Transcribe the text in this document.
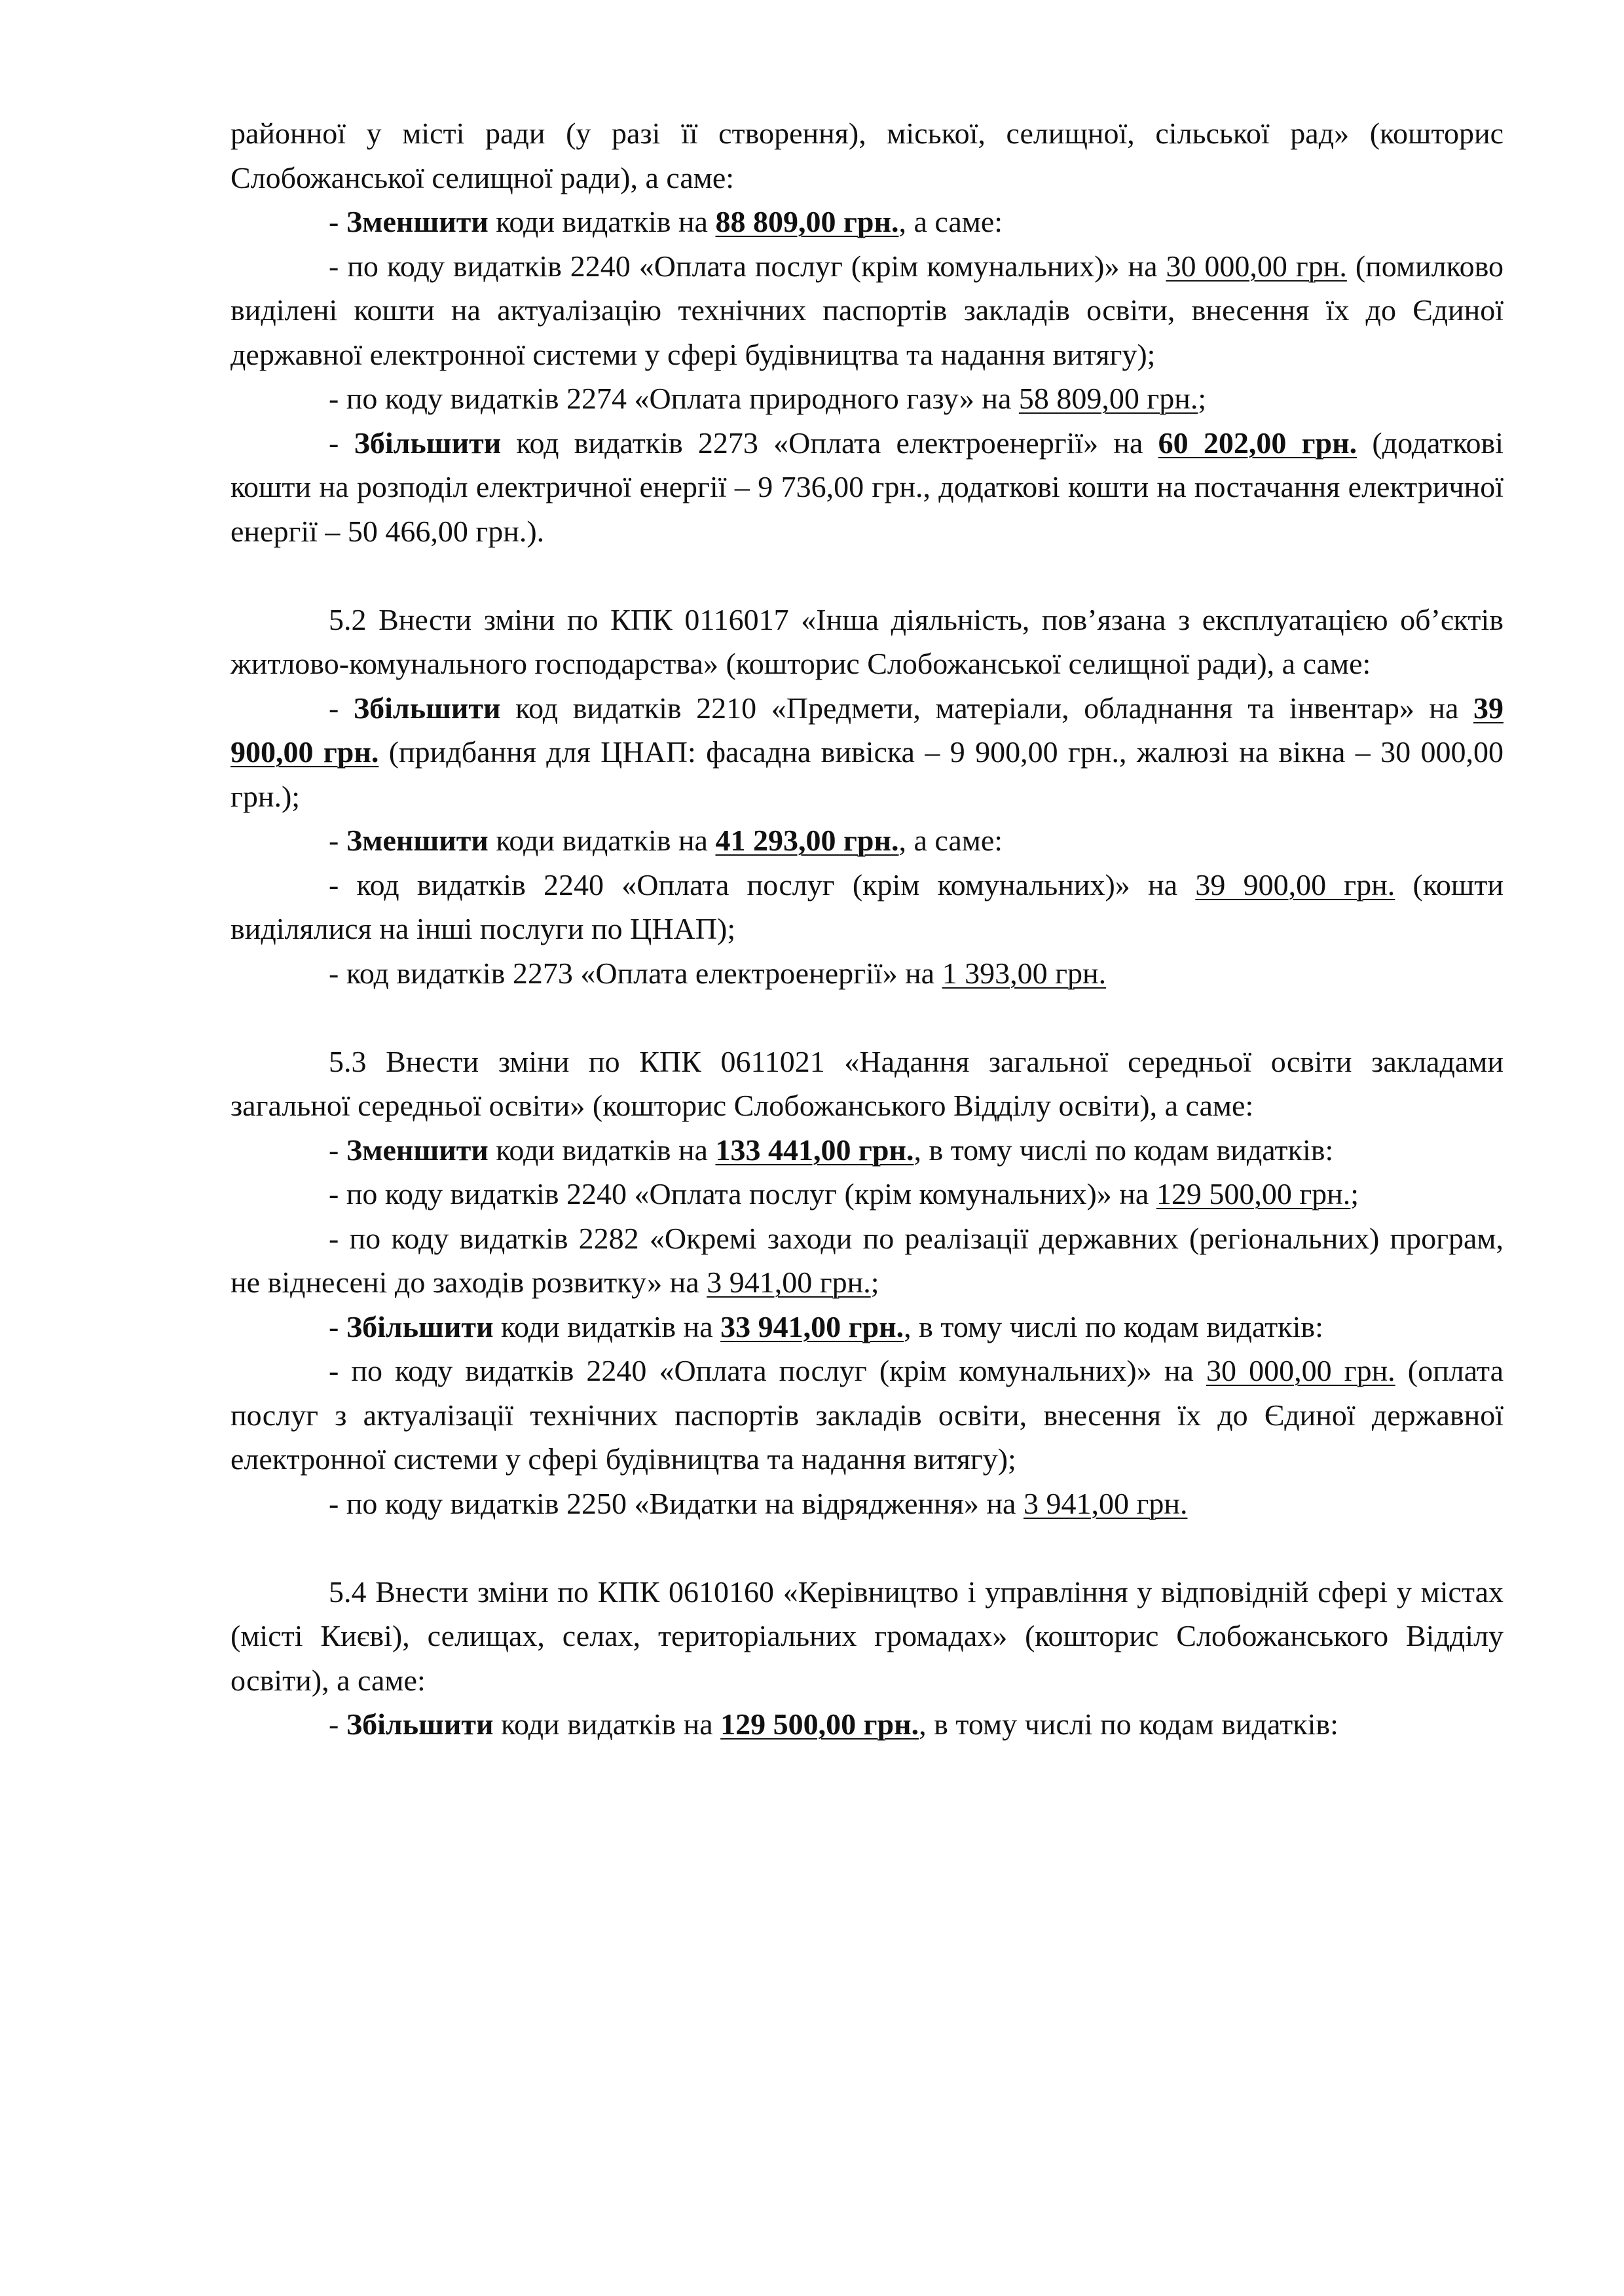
районної у місті ради (у разі її створення), міської, селищної, сільської рад» (кошторис Слобожанської селищної ради), а саме:

- Зменшити коди видатків на 88 809,00 грн., а саме:

- по коду видатків 2240 «Оплата послуг (крім комунальних)» на 30 000,00 грн. (помилково виділені кошти на актуалізацію технічних паспортів закладів освіти, внесення їх до Єдиної державної електронної системи у сфері будівництва та надання витягу);

- по коду видатків 2274 «Оплата природного газу» на 58 809,00 грн.;

- Збільшити код видатків 2273 «Оплата електроенергії» на 60 202,00 грн. (додаткові кошти на розподіл електричної енергії – 9 736,00 грн., додаткові кошти на постачання електричної енергії – 50 466,00 грн.).

5.2 Внести зміни по КПК 0116017 «Інша діяльність, пов’язана з експлуатацією об’єктів житлово-комунального господарства» (кошторис Слобожанської селищної ради), а саме:

- Збільшити код видатків 2210 «Предмети, матеріали, обладнання та інвентар» на 39 900,00 грн. (придбання для ЦНАП: фасадна вивіска – 9 900,00 грн., жалюзі на вікна – 30 000,00 грн.);

- Зменшити коди видатків на 41 293,00 грн., а саме:

- код видатків 2240 «Оплата послуг (крім комунальних)» на 39 900,00 грн. (кошти виділялися на інші послуги по ЦНАП);

- код видатків 2273 «Оплата електроенергії» на 1 393,00 грн.

5.3 Внести зміни по КПК 0611021 «Надання загальної середньої освіти закладами загальної середньої освіти» (кошторис Слобожанського Відділу освіти), а саме:

- Зменшити коди видатків на 133 441,00 грн., в тому числі по кодам видатків:

- по коду видатків 2240 «Оплата послуг (крім комунальних)» на 129 500,00 грн.;

- по коду видатків 2282 «Окремі заходи по реалізації державних (регіональних) програм, не віднесені до заходів розвитку» на 3 941,00 грн.;

- Збільшити коди видатків на 33 941,00 грн., в тому числі по кодам видатків:

- по коду видатків 2240 «Оплата послуг (крім комунальних)» на 30 000,00 грн. (оплата послуг з актуалізації технічних паспортів закладів освіти, внесення їх до Єдиної державної електронної системи у сфері будівництва та надання витягу);

- по коду видатків 2250 «Видатки на відрядження» на 3 941,00 грн.

5.4 Внести зміни по КПК 0610160 «Керівництво і управління у відповідній сфері у містах (місті Києві), селищах, селах, територіальних громадах» (кошторис Слобожанського Відділу освіти), а саме:

- Збільшити коди видатків на 129 500,00 грн., в тому числі по кодам видатків:
